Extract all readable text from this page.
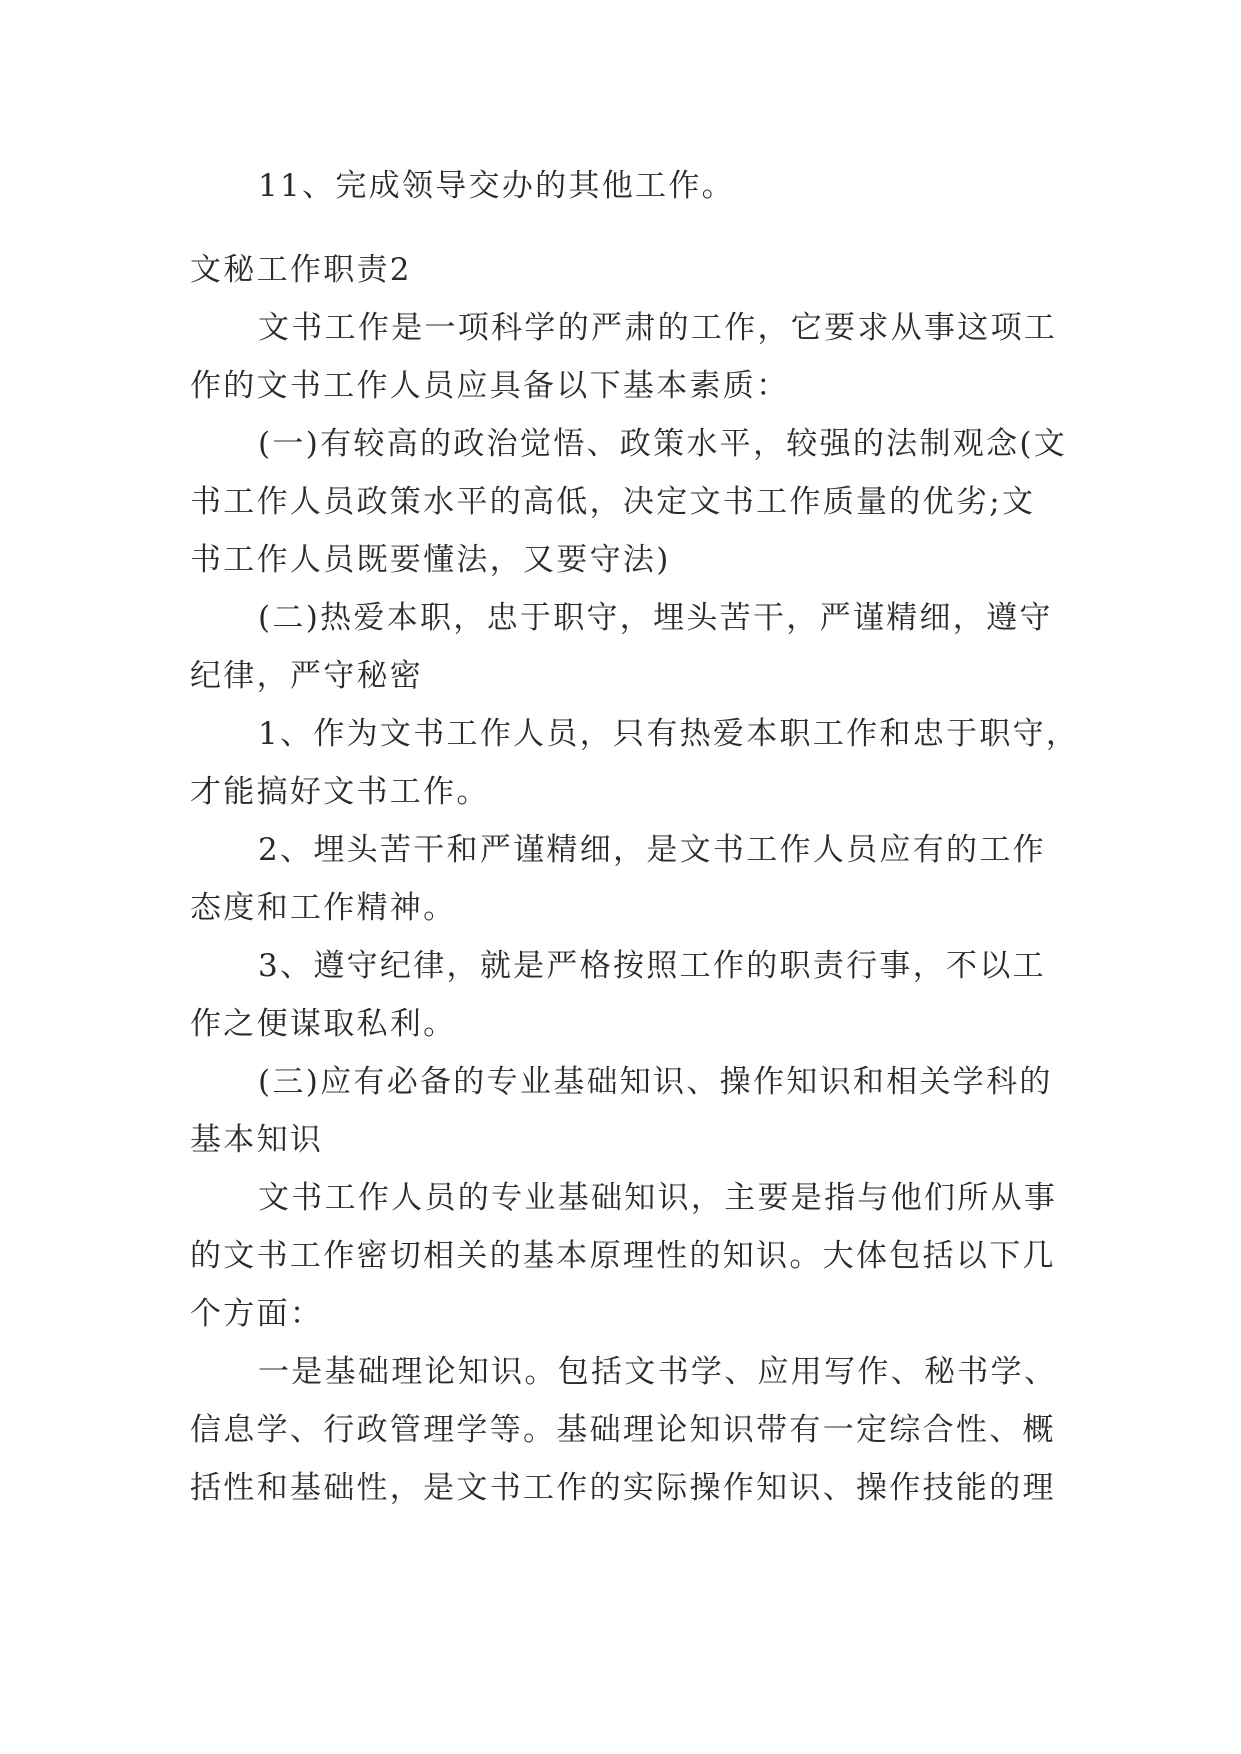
11、完成领导交办的其他工作。
文秘工作职责2
文书工作是一项科学的严肃的工作，它要求从事这项工
作的文书工作人员应具备以下基本素质：
(一)有较高的政治觉悟、政策水平，较强的法制观念(文
书工作人员政策水平的高低，决定文书工作质量的优劣;文
书工作人员既要懂法，又要守法)
(二)热爱本职，忠于职守，埋头苦干，严谨精细，遵守
纪律，严守秘密
1、作为文书工作人员，只有热爱本职工作和忠于职守，
才能搞好文书工作。
2、埋头苦干和严谨精细，是文书工作人员应有的工作
态度和工作精神。
3、遵守纪律，就是严格按照工作的职责行事，不以工
作之便谋取私利。
(三)应有必备的专业基础知识、操作知识和相关学科的
基本知识
文书工作人员的专业基础知识，主要是指与他们所从事
的文书工作密切相关的基本原理性的知识。大体包括以下几
个方面：
一是基础理论知识。包括文书学、应用写作、秘书学、
信息学、行政管理学等。基础理论知识带有一定综合性、概
括性和基础性，是文书工作的实际操作知识、操作技能的理
